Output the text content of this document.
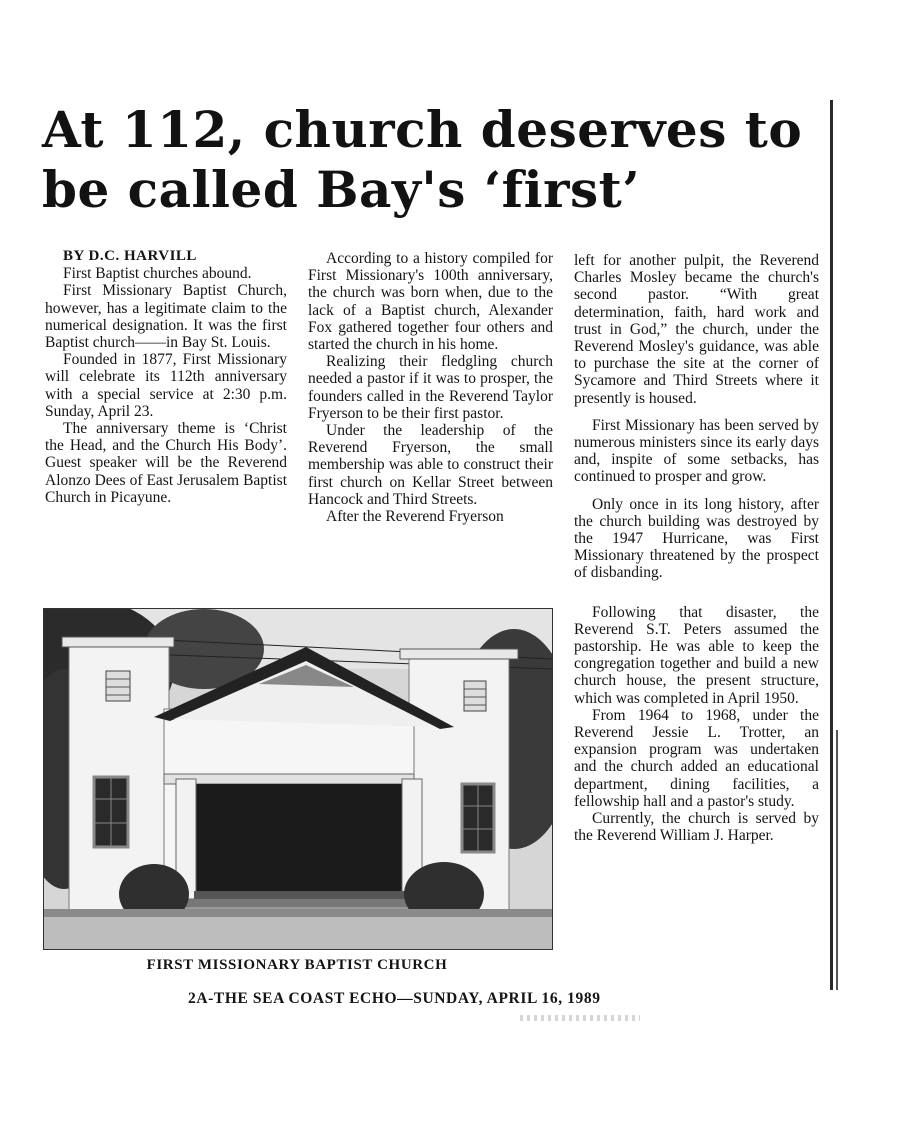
At 112, church deserves to be called Bay's ‘first’

BY D.C. HARVILL

First Baptist churches abound.

First Missionary Baptist Church, however, has a legitimate claim to the numerical designation. It was the first Baptist church——in Bay St. Louis.

Founded in 1877, First Missionary will celebrate its 112th anniversary with a special service at 2:30 p.m. Sunday, April 23.

The anniversary theme is ‘Christ the Head, and the Church His Body’. Guest speaker will be the Reverend Alonzo Dees of East Jerusalem Baptist Church in Picayune.

According to a history compiled for First Missionary's 100th anniversary, the church was born when, due to the lack of a Baptist church, Alexander Fox gathered together four others and started the church in his home.

Realizing their fledgling church needed a pastor if it was to prosper, the founders called in the Reverend Taylor Fryerson to be their first pastor.

Under the leadership of the Reverend Fryerson, the small membership was able to construct their first church on Kellar Street between Hancock and Third Streets.

After the Reverend Fryerson

left for another pulpit, the Reverend Charles Mosley became the church's second pastor. “With great determination, faith, hard work and trust in God,” the church, under the Reverend Mosley's guidance, was able to purchase the site at the corner of Sycamore and Third Streets where it presently is housed.

First Missionary has been served by numerous ministers since its early days and, inspite of some setbacks, has continued to prosper and grow.

Only once in its long history, after the church building was destroyed by the 1947 Hurricane, was First Missionary threatened by the prospect of disbanding.

Following that disaster, the Reverend S.T. Peters assumed the pastorship. He was able to keep the congregation together and build a new church house, the present structure, which was completed in April 1950.

From 1964 to 1968, under the Reverend Jessie L. Trotter, an expansion program was undertaken and the church added an educational department, dining facilities, a fellowship hall and a pastor's study.

Currently, the church is served by the Reverend William J. Harper.

FIRST MISSIONARY BAPTIST CHURCH
2A-THE SEA COAST ECHO—SUNDAY, APRIL 16, 1989
